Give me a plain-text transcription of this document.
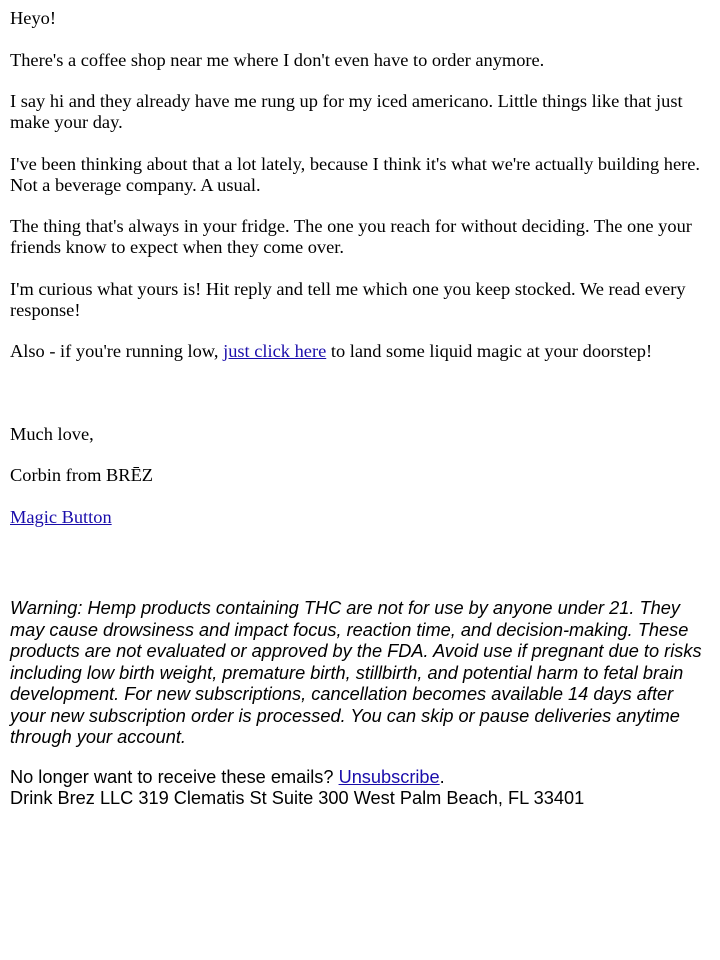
Heyo!

There's a coffee shop near me where I don't even have to order anymore.

I say hi and they already have me rung up for my iced americano. Little things like that just make your day.

I've been thinking about that a lot lately, because I think it's what we're actually building here. Not a beverage company. A usual.

The thing that's always in your fridge. The one you reach for without deciding. The one your friends know to expect when they come over.

I'm curious what yours is! Hit reply and tell me which one you keep stocked. We read every response!

Also - if you're running low, just click here to land some liquid magic at your doorstep!

Much love,

Corbin from BRĒZ

Magic Button

Warning: Hemp products containing THC are not for use by anyone under 21. They may cause drowsiness and impact focus, reaction time, and decision-making. These products are not evaluated or approved by the FDA. Avoid use if pregnant due to risks including low birth weight, premature birth, stillbirth, and potential harm to fetal brain development. For new subscriptions, cancellation becomes available 14 days after your new subscription order is processed. You can skip or pause deliveries anytime through your account.

No longer want to receive these emails? Unsubscribe.

Drink Brez LLC 319 Clematis St Suite 300 West Palm Beach, FL 33401
